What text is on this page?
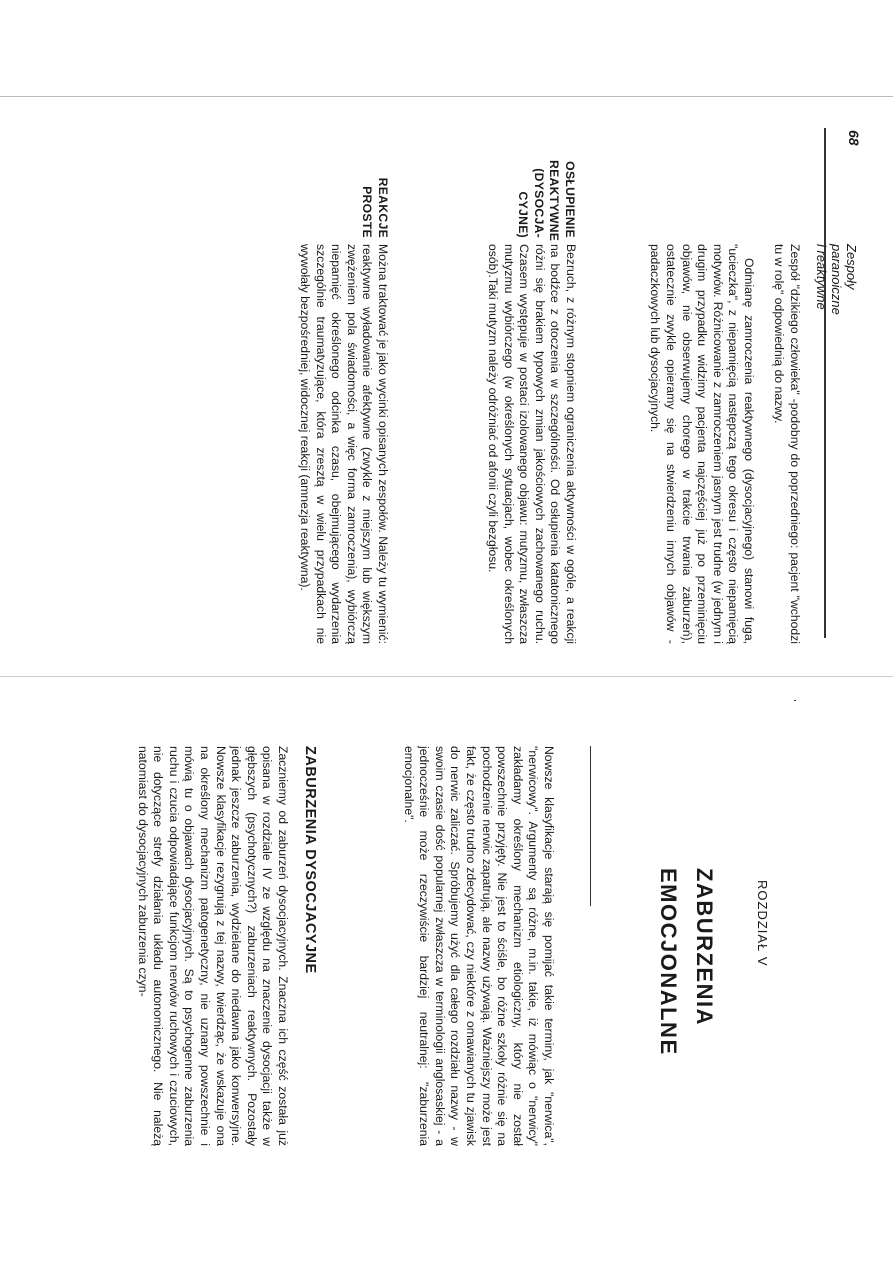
68
Zespoły paranoiczne i reaktywne
Zespół "dzikiego człowieka" -podobny do poprzedniego: pacjent "wchodzi tu w rolę" odpowiednią do nazwy.
Odmianę zamroczenia reaktywnego (dysocjacyjnego) stanowi fuga, "ucieczka", z niepamięcią następczą tego okresu i często niepamięcią motywów. Różnicowanie z zamroczeniem jasnym jest trudne (w jednym i drugim przypadku widzimy pacjenta najczęściej już po przeminięciu objawów, nie obserwujemy chorego w trakcie trwania zaburzeń), ostatecznie zwykle opieramy się na stwierdzeniu innych objawów - padaczkowych lub dysocjacyjnych.
OSŁUPIENIE
REAKTYWNE
(DYSOCJA-
CYJNE)
Bezruch, z różnym stopniem ograniczenia aktywności w ogóle, a reakcji na bodźce z otoczenia w szczególności. Od osłupienia katatonicznego różni się brakiem typowych zmian jakościowych zachowanego ruchu. Czasem występuje w postaci izolowanego objawu: mutyzmu, zwłaszcza mutyzmu wybiórczego (w określonych sytuacjach, wobec określonych osób).Taki mutyzm należy odróżniać od afonii czyli bezgłosu.
REAKCJE
PROSTE
Można traktować je jako wycinki opisanych zespołów. Należy tu wymienić: reaktywne wyładowanie afektywne (zwykle z miejszym lub większym zwężeniem pola świadomości, a więc forma zamroczenia), wybiórczą niepamięć określonego odcinka czasu, obejmującego wydarzenia szczególnie traumatyzujące, która zresztą w wielu przypadkach nie wywołały bezpośredniej, widocznej reakcji (amnezja reaktywna).
ROZDZIAŁ V
ZABURZENIA
EMOCJONALNE
Nowsze klasyfikacje starają się pomijać takie terminy, jak "nerwica", "nerwicowy". Argumenty są różne, m.in. takie, iż mówiąc o "nerwicy" zakładamy określony mechanizm etiologiczny, który nie został powszechnie przyjęty. Nie jest to ściśle, bo różne szkoły różnie się na pochodzenie nerwic zapatrują, ale nazwy używają. Ważniejszy może jest fakt, że często trudno zdecydować, czy niektóre z omawianych tu zjawisk do nerwic zaliczać. Spróbujemy użyć dla całego rozdziału nazwy - w swoim czasie dość popularnej zwłaszcza w terminologii anglosaskiej - a jednocześnie może rzeczywiście bardziej neutralnej: "zaburzenia emocjonalne".
ZABURZENIA DYSOCJACYJNE
Zaczniemy od zaburzeń dysocjacyjnych. Znaczna ich część została już opisana w rozdziale IV ze względu na znaczenie dysocjacji także w głębszych (psychotycznych?) zaburzeniach reaktywnych. Pozostały jednak jeszcze zaburzenia, wydzielane do niedawna jako konwersyjne. Nowsze klasyfikacje rezygnują z tej nazwy, twierdząc, że wskazuje ona na określony mechanizm patogenetyczny, nie uznany powszechnie i mówią tu o objawach dysocjacyjnych. Są to psychogenne zaburzenia ruchu i czucia odpowiadające funkcjom nerwów ruchowych i czuciowych, nie dotyczące strefy działania układu autonomicznego. Nie należą natomiast do dysocjacyjnych zaburzenia czyn-
